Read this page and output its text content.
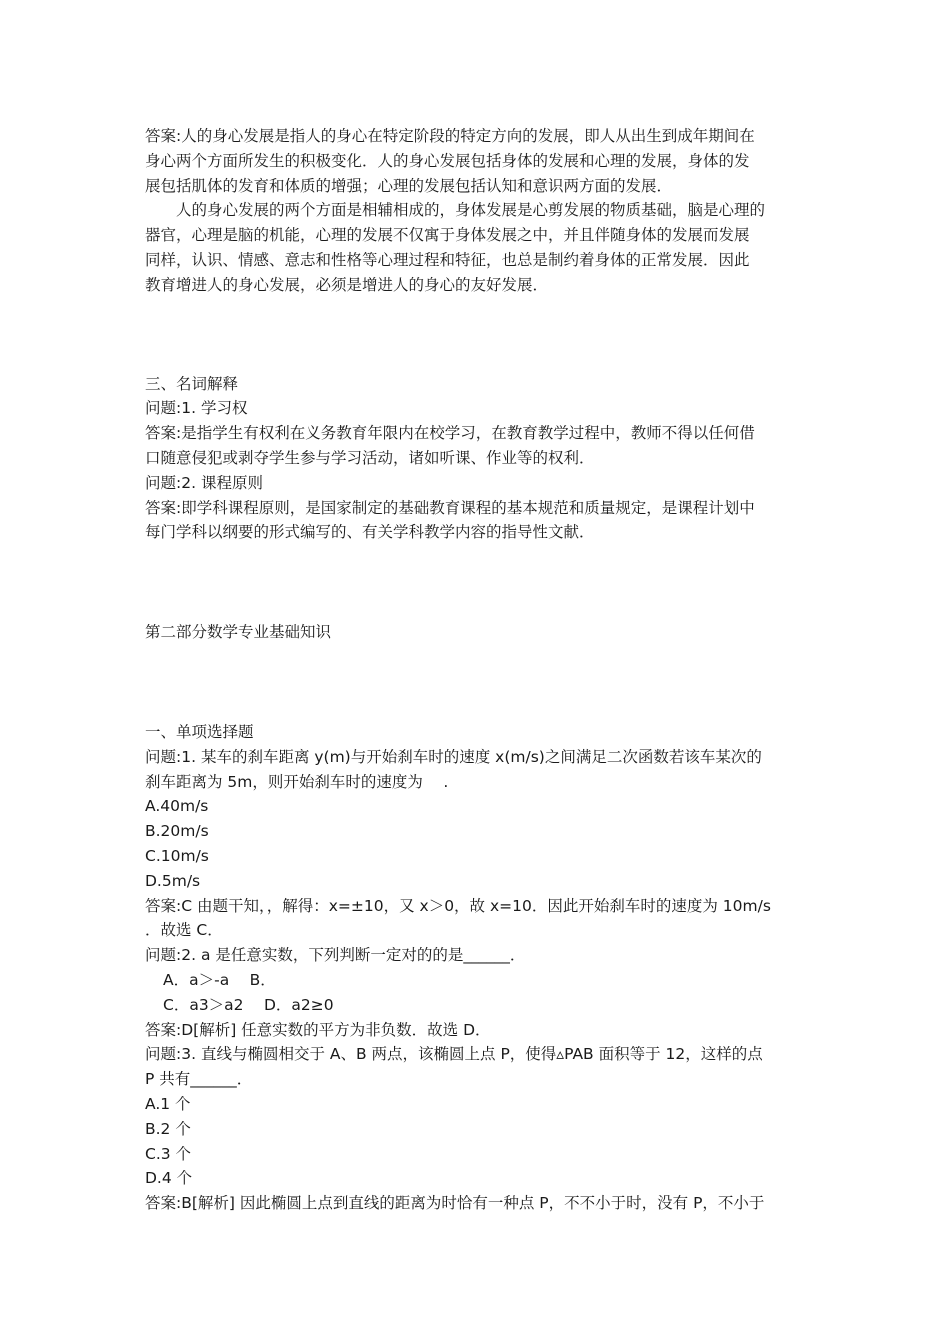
答案:人的身心发展是指人的身心在特定阶段的特定方向的发展，即人从出生到成年期间在
身心两个方面所发生的积极变化．人的身心发展包括身体的发展和心理的发展，身体的发
展包括肌体的发育和体质的增强；心理的发展包括认知和意识两方面的发展．
人的身心发展的两个方面是相辅相成的，身体发展是心剪发展的物质基础，脑是心理的
器官，心理是脑的机能，心理的发展不仅寓于身体发展之中，并且伴随身体的发展而发展
同样，认识、情感、意志和性格等心理过程和特征，也总是制约着身体的正常发展．因此
教育增进人的身心发展，必须是增进人的身心的友好发展．
三、名词解释
问题:1. 学习权
答案:是指学生有权利在义务教育年限内在校学习，在教育教学过程中，教师不得以任何借
口随意侵犯或剥夺学生参与学习活动，诸如听课、作业等的权利．
问题:2. 课程原则
答案:即学科课程原则，是国家制定的基础教育课程的基本规范和质量规定，是课程计划中
每门学科以纲要的形式编写的、有关学科教学内容的指导性文献．
第二部分数学专业基础知识
一、单项选择题
问题:1. 某车的刹车距离 y(m)与开始刹车时的速度 x(m/s)之间满足二次函数若该车某次的
刹车距离为 5m，则开始刹车时的速度为　 .
A.40m/s
B.20m/s
C.10m/s
D.5m/s
答案:C 由题干知，，解得：x=±10，又 x＞0，故 x=10．因此开始刹车时的速度为 10m/s
．故选 C．
问题:2. a 是任意实数，下列判断一定对的的是______．
A．a＞-a　 B．
C．a3＞a2　 D．a2≥0
答案:D[解析] 任意实数的平方为非负数．故选 D．
问题:3. 直线与椭圆相交于 A、B 两点，该椭圆上点 P，使得▵PAB 面积等于 12，这样的点
P 共有______．
A.1 个
B.2 个
C.3 个
D.4 个
答案:B[解析] 因此椭圆上点到直线的距离为时恰有一种点 P，不不小于时，没有 P，不小于
